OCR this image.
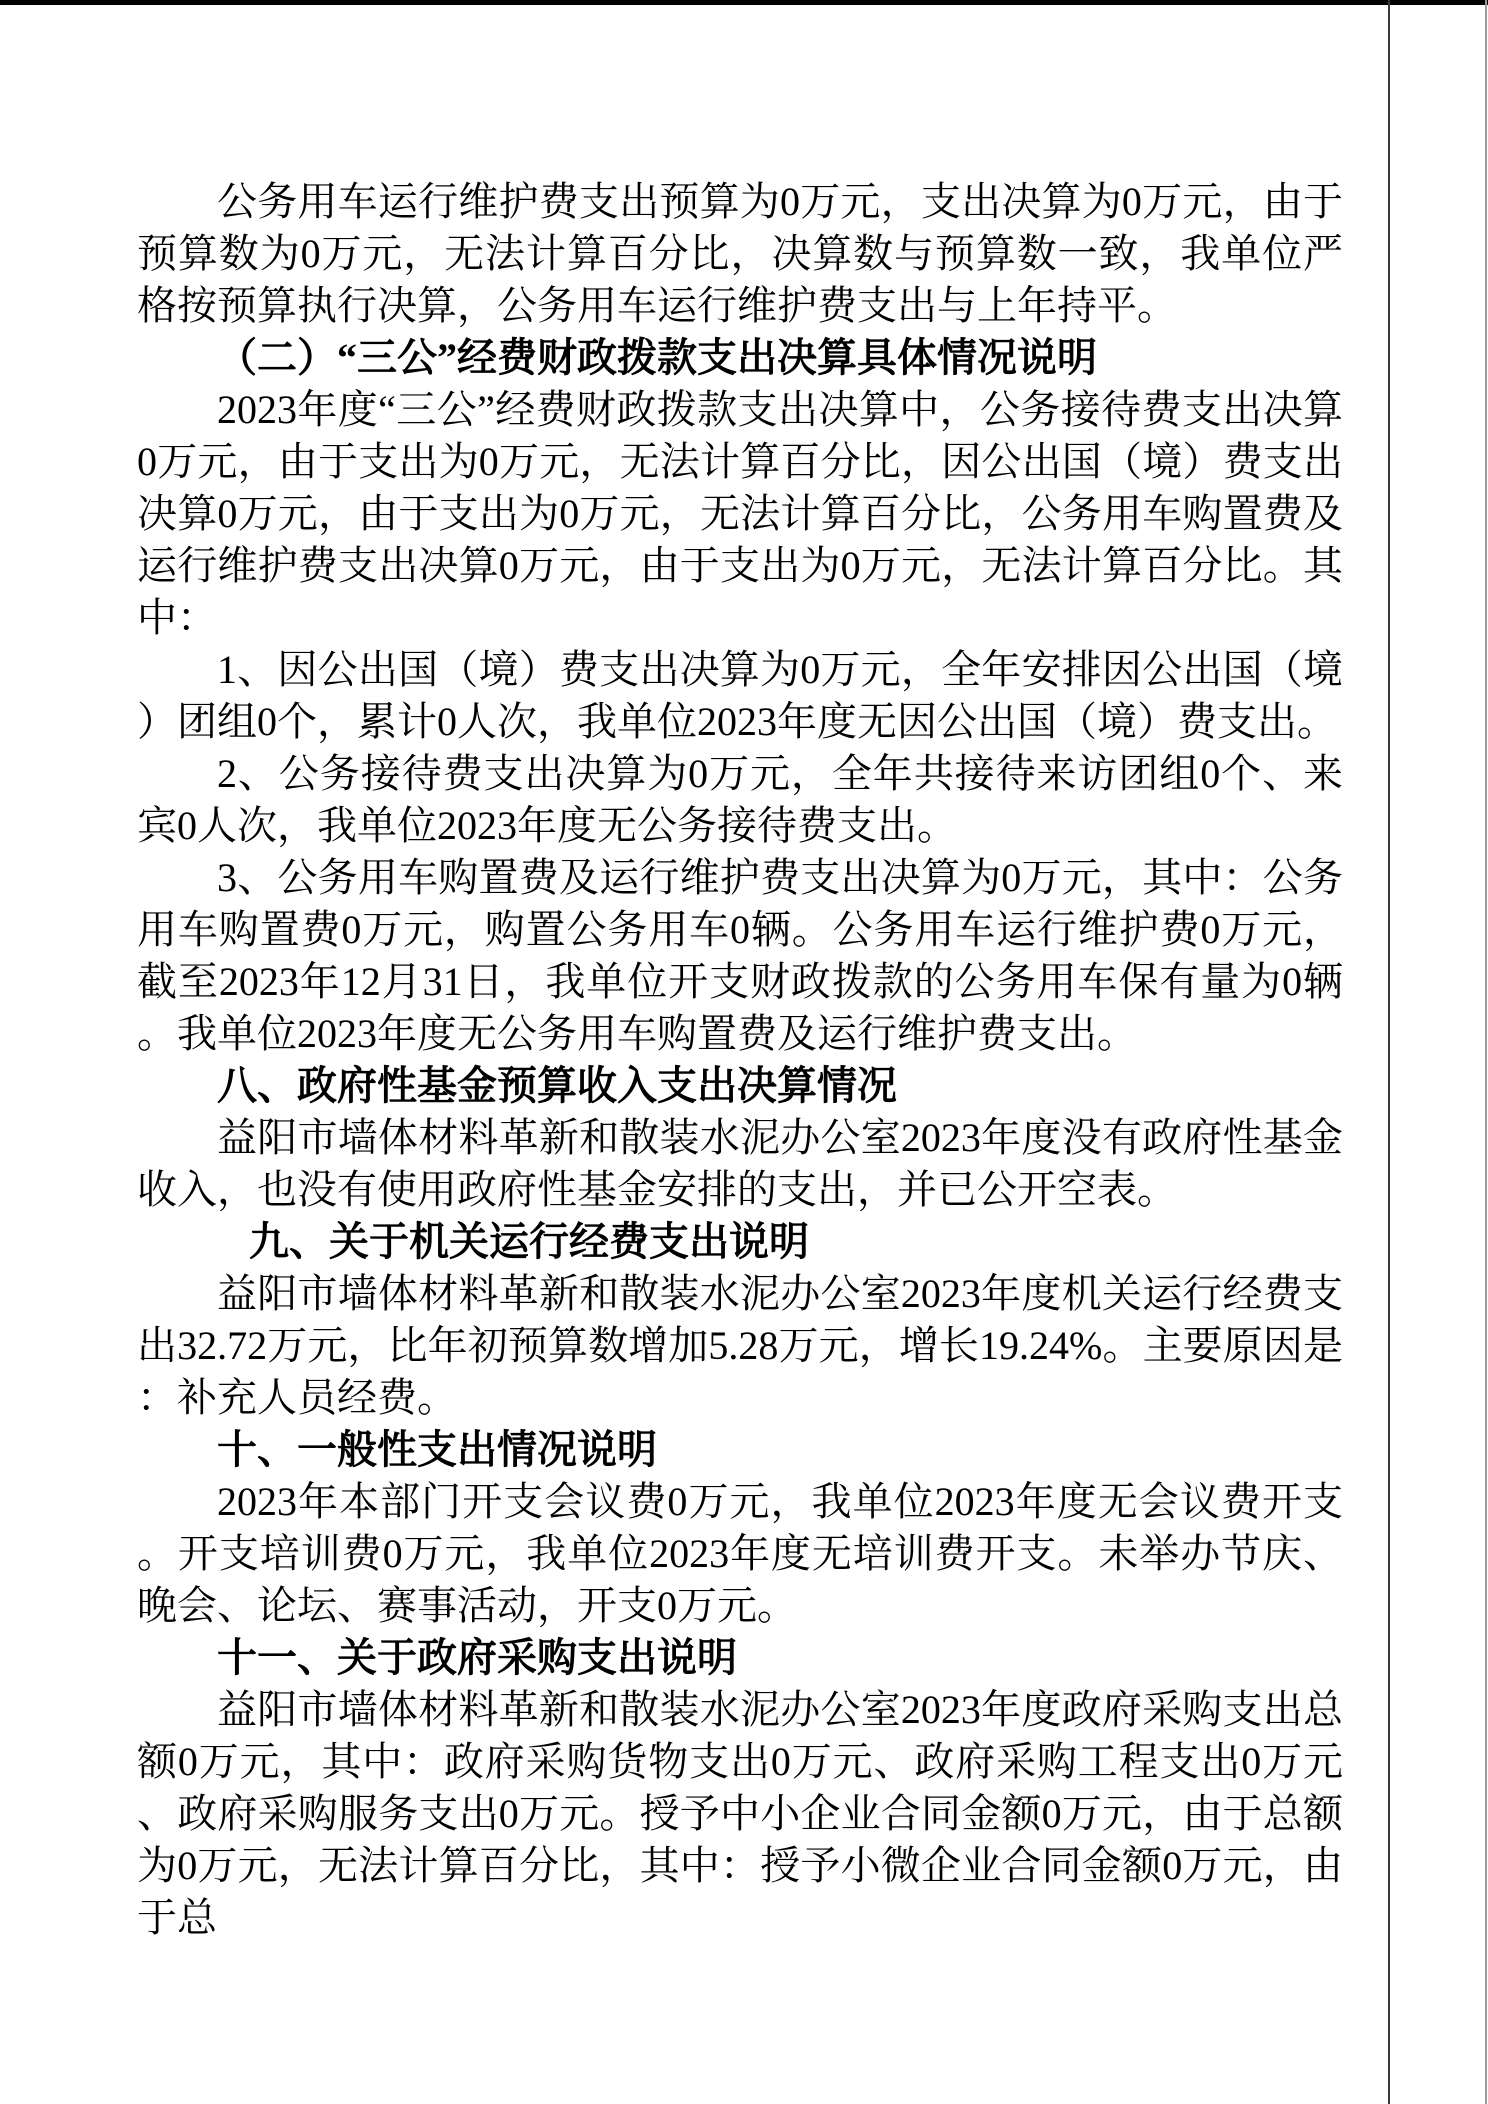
公务用车运行维护费支出预算为0万元，支出决算为0万元，由于预算数为0万元，无法计算百分比，决算数与预算数一致，我单位严格按预算执行决算，公务用车运行维护费支出与上年持平。

（二）“三公”经费财政拨款支出决算具体情况说明

2023年度“三公”经费财政拨款支出决算中，公务接待费支出决算0万元，由于支出为0万元，无法计算百分比，因公出国（境）费支出决算0万元，由于支出为0万元，无法计算百分比，公务用车购置费及运行维护费支出决算0万元，由于支出为0万元，无法计算百分比。其中：

1、因公出国（境）费支出决算为0万元，全年安排因公出国（境）团组0个，累计0人次，我单位2023年度无因公出国（境）费支出。

2、公务接待费支出决算为0万元，全年共接待来访团组0个、来宾0人次，我单位2023年度无公务接待费支出。

3、公务用车购置费及运行维护费支出决算为0万元，其中：公务用车购置费0万元，购置公务用车0辆。公务用车运行维护费0万元，截至2023年12月31日，我单位开支财政拨款的公务用车保有量为0辆。我单位2023年度无公务用车购置费及运行维护费支出。

八、政府性基金预算收入支出决算情况

益阳市墙体材料革新和散装水泥办公室2023年度没有政府性基金收入，也没有使用政府性基金安排的支出，并已公开空表。

九、关于机关运行经费支出说明

益阳市墙体材料革新和散装水泥办公室2023年度机关运行经费支出32.72万元，比年初预算数增加5.28万元，增长19.24%。主要原因是：补充人员经费。

十、一般性支出情况说明

2023年本部门开支会议费0万元，我单位2023年度无会议费开支。开支培训费0万元，我单位2023年度无培训费开支。未举办节庆、晚会、论坛、赛事活动，开支0万元。

十一、关于政府采购支出说明

益阳市墙体材料革新和散装水泥办公室2023年度政府采购支出总额0万元，其中：政府采购货物支出0万元、政府采购工程支出0万元、政府采购服务支出0万元。授予中小企业合同金额0万元，由于总额为0万元，无法计算百分比，其中：授予小微企业合同金额0万元，由于总
